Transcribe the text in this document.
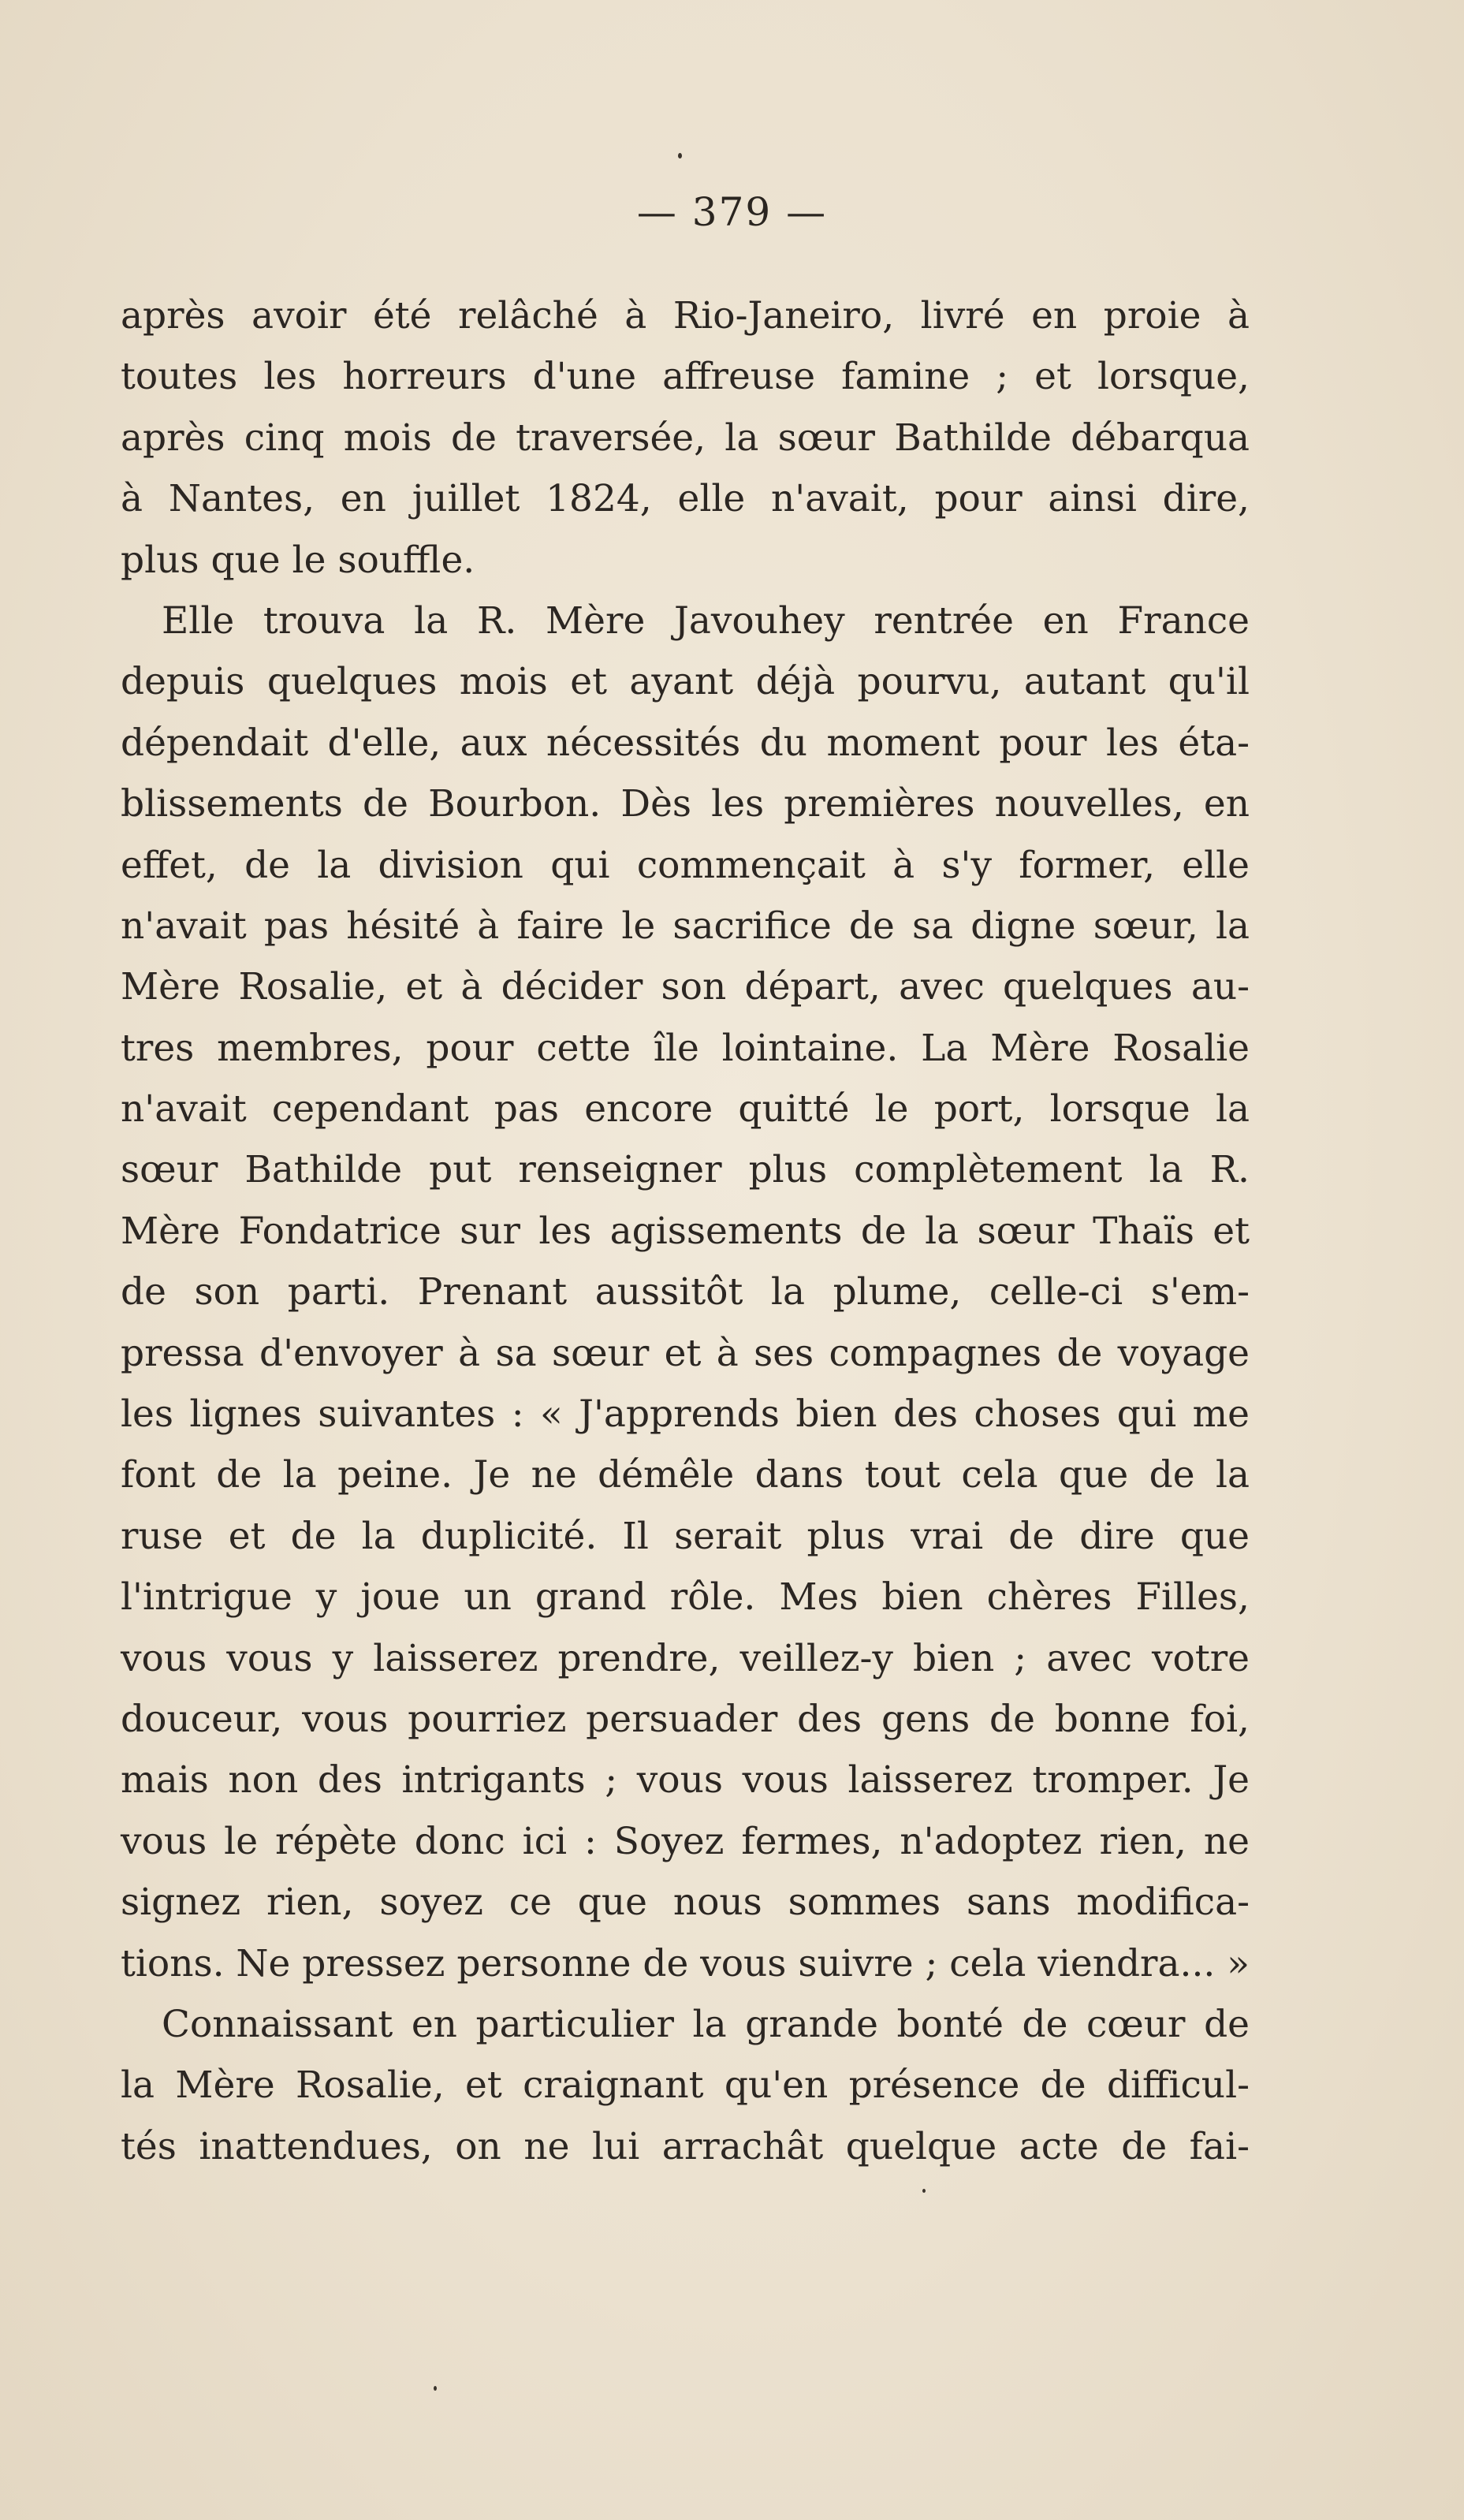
— 379 —
après avoir été relâché à Rio-Janeiro, livré en proie à
toutes les horreurs d'une affreuse famine ; et lorsque,
après cinq mois de traversée, la sœur Bathilde débarqua
à Nantes, en juillet 1824, elle n'avait, pour ainsi dire,
plus que le souffle.
Elle trouva la R. Mère Javouhey rentrée en France
depuis quelques mois et ayant déjà pourvu, autant qu'il
dépendait d'elle, aux nécessités du moment pour les éta-
blissements de Bourbon. Dès les premières nouvelles, en
effet, de la division qui commençait à s'y former, elle
n'avait pas hésité à faire le sacrifice de sa digne sœur, la
Mère Rosalie, et à décider son départ, avec quelques au-
tres membres, pour cette île lointaine. La Mère Rosalie
n'avait cependant pas encore quitté le port, lorsque la
sœur Bathilde put renseigner plus complètement la R.
Mère Fondatrice sur les agissements de la sœur Thaïs et
de son parti. Prenant aussitôt la plume, celle-ci s'em-
pressa d'envoyer à sa sœur et à ses compagnes de voyage
les lignes suivantes : « J'apprends bien des choses qui me
font de la peine. Je ne démêle dans tout cela que de la
ruse et de la duplicité. Il serait plus vrai de dire que
l'intrigue y joue un grand rôle. Mes bien chères Filles,
vous vous y laisserez prendre, veillez-y bien ; avec votre
douceur, vous pourriez persuader des gens de bonne foi,
mais non des intrigants ; vous vous laisserez tromper. Je
vous le répète donc ici : Soyez fermes, n'adoptez rien, ne
signez rien, soyez ce que nous sommes sans modifica-
tions. Ne pressez personne de vous suivre ; cela viendra... »
Connaissant en particulier la grande bonté de cœur de
la Mère Rosalie, et craignant qu'en présence de difficul-
tés inattendues, on ne lui arrachât quelque acte de fai-
